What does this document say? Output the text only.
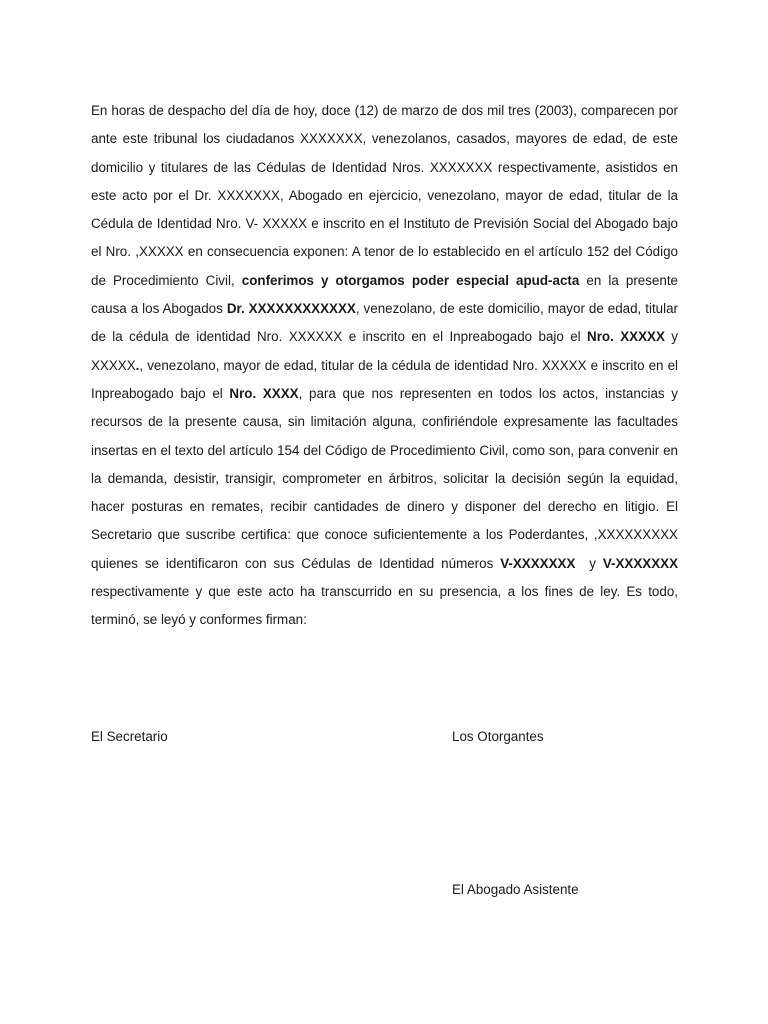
En horas de despacho del día de hoy, doce (12) de marzo de dos mil tres (2003), comparecen por ante este tribunal los ciudadanos XXXXXXX, venezolanos, casados, mayores de edad, de este domicilio y titulares de las Cédulas de Identidad Nros. XXXXXXX respectivamente, asistidos en este acto por el Dr. XXXXXXX, Abogado en ejercicio, venezolano, mayor de edad, titular de la Cédula de Identidad Nro. V- XXXXX e inscrito en el Instituto de Previsión Social del Abogado bajo el Nro. ,XXXXX en consecuencia exponen: A tenor de lo establecido en el artículo 152 del Código de Procedimiento Civil, conferimos y otorgamos poder especial apud-acta en la presente causa a los Abogados Dr. XXXXXXXXXXXX, venezolano, de este domicilio, mayor de edad, titular de la cédula de identidad Nro. XXXXXX e inscrito en el Inpreabogado bajo el Nro. XXXXX y XXXXX., venezolano, mayor de edad, titular de la cédula de identidad Nro. XXXXX e inscrito en el Inpreabogado bajo el Nro. XXXX, para que nos representen en todos los actos, instancias y recursos de la presente causa, sin limitación alguna, confiriéndole expresamente las facultades insertas en el texto del artículo 154 del Código de Procedimiento Civil, como son, para convenir en la demanda, desistir, transigir, comprometer en árbitros, solicitar la decisión según la equidad, hacer posturas en remates, recibir cantidades de dinero y disponer del derecho en litigio. El Secretario que suscribe certifica: que conoce suficientemente a los Poderdantes, ,XXXXXXXXX quienes se identificaron con sus Cédulas de Identidad números V-XXXXXXX  y V-XXXXXXX respectivamente y que este acto ha transcurrido en su presencia, a los fines de ley. Es todo, terminó, se leyó y conformes firman:

El Secretario	Los Otorgantes

El Abogado Asistente
